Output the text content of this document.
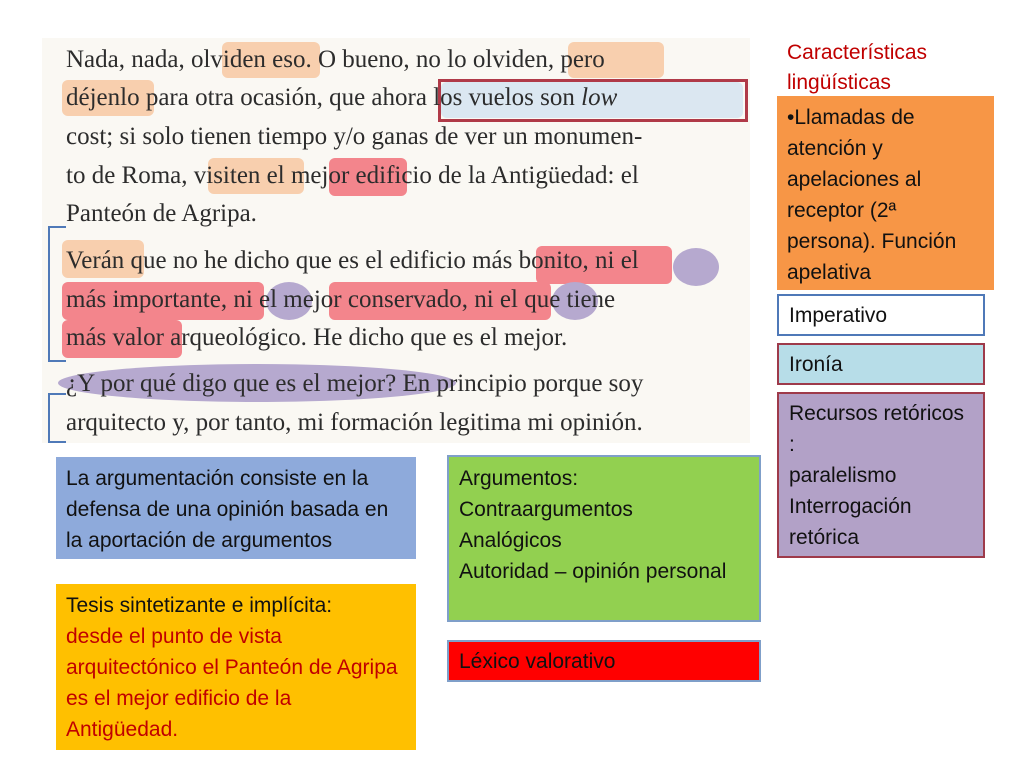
Nada, nada, olviden eso. O bueno, no lo olviden, pero
déjenlo para otra ocasión, que ahora los vuelos son low
cost; si solo tienen tiempo y/o ganas de ver un monumen-
to de Roma, visiten el mejor edificio de la Antigüedad: el
Panteón de Agripa.
Verán que no he dicho que es el edificio más bonito, ni el
más importante, ni el mejor conservado, ni el que tiene
más valor arqueológico. He dicho que es el mejor.
¿Y por qué digo que es el mejor? En principio porque soy
arquitecto y, por tanto, mi formación legitima mi opinión.
Características lingüísticas
•Llamadas de atención y apelaciones al receptor (2ª persona). Función apelativa
Imperativo
Ironía
Recursos retóricos :
paralelismo
Interrogación retórica
La argumentación consiste en la defensa de una opinión basada en la aportación de argumentos
Argumentos:
Contraargumentos
Analógicos
Autoridad – opinión personal
Tesis sintetizante e implícita:
desde el punto de vista arquitectónico el Panteón de Agripa es el mejor edificio de la Antigüedad.
Léxico valorativo
